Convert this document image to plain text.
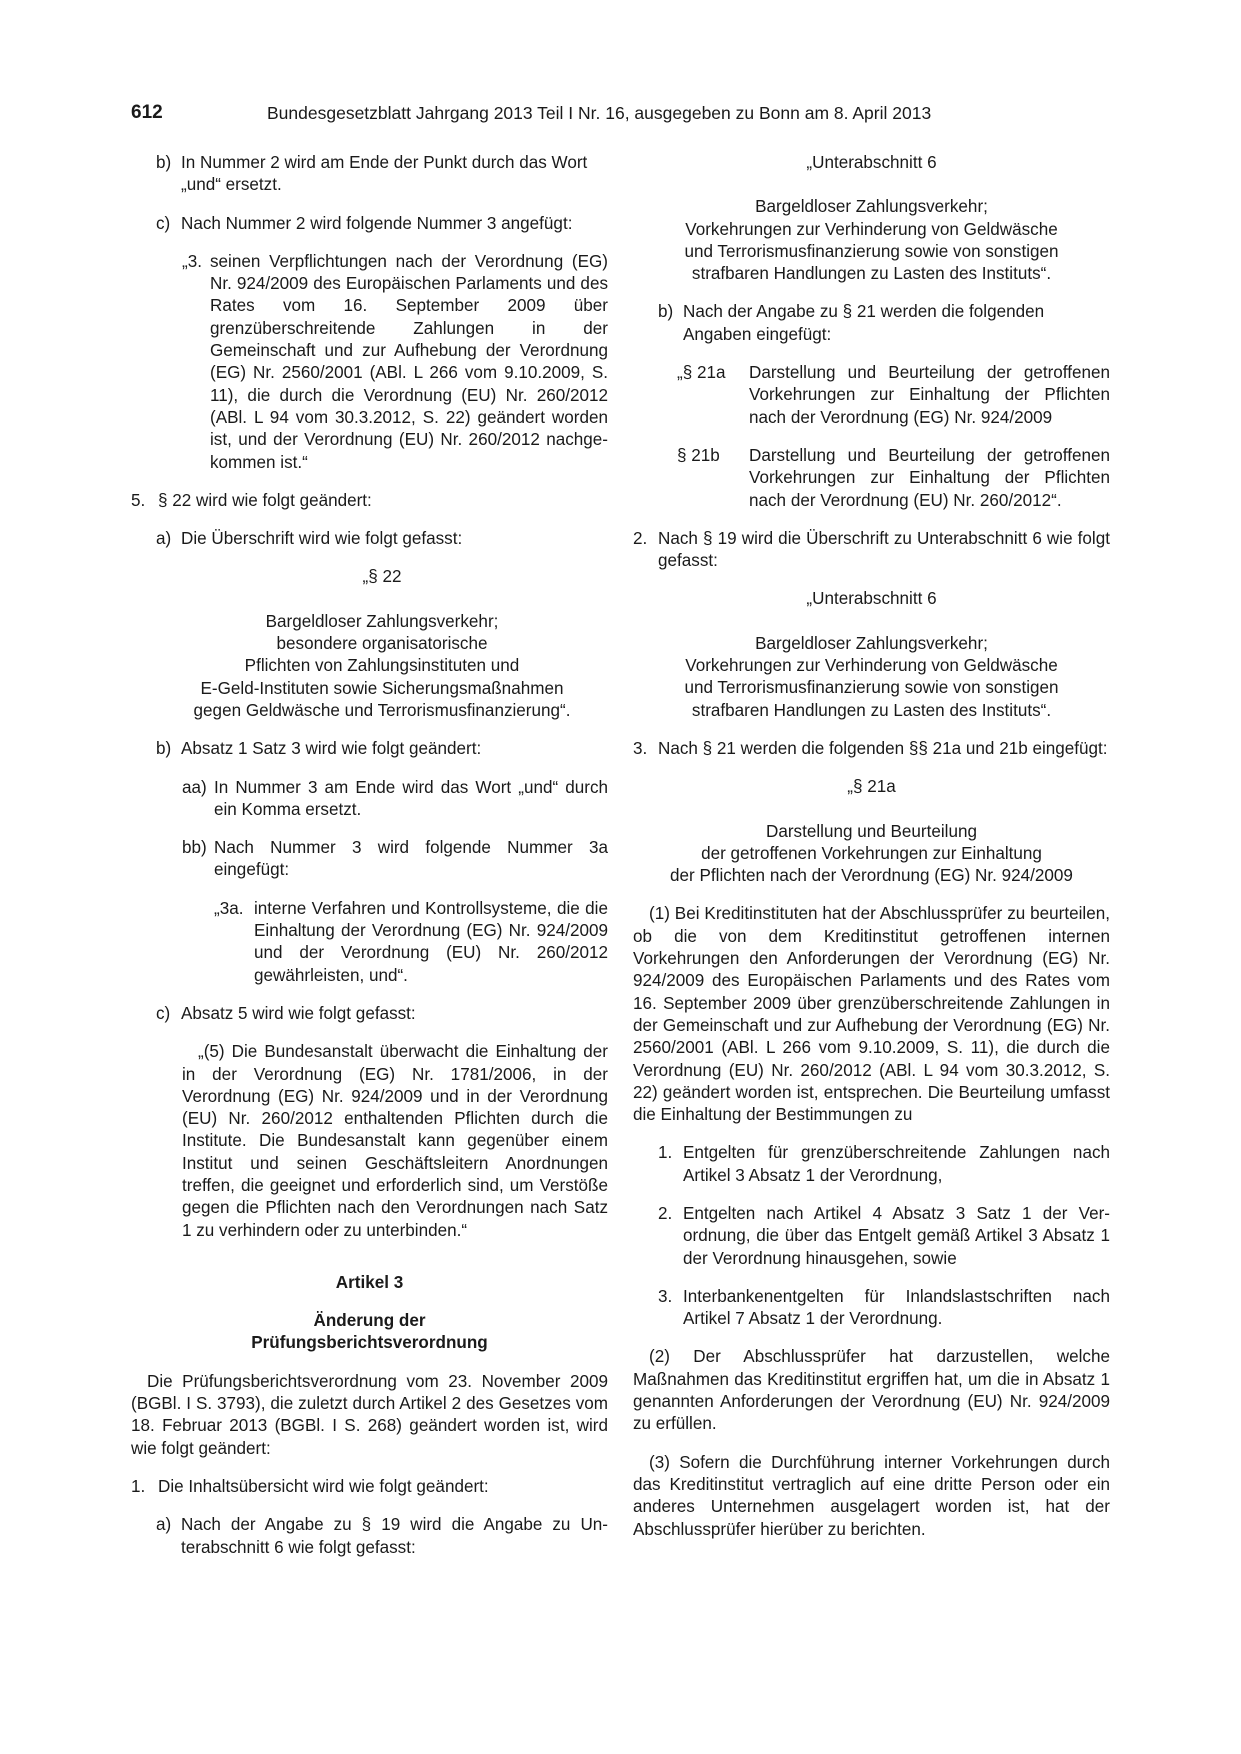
612	Bundesgesetzblatt Jahrgang 2013 Teil I Nr. 16, ausgegeben zu Bonn am 8. April 2013
b) In Nummer 2 wird am Ende der Punkt durch das Wort „und“ ersetzt.
c) Nach Nummer 2 wird folgende Nummer 3 angefügt:
„3. seinen Verpflichtungen nach der Verordnung (EG) Nr. 924/2009 des Europäischen Parlaments und des Rates vom 16. September 2009 über grenzüberschreitende Zahlungen in der Gemeinschaft und zur Aufhebung der Verordnung (EG) Nr. 2560/2001 (ABl. L 266 vom 9.10.2009, S. 11), die durch die Verordnung (EU) Nr. 260/2012 (ABl. L 94 vom 30.3.2012, S. 22) geändert worden ist, und der Verordnung (EU) Nr. 260/2012 nachgekommen ist.“
5. § 22 wird wie folgt geändert:
a) Die Überschrift wird wie folgt gefasst:
„§ 22
Bargeldloser Zahlungsverkehr;
besondere organisatorische
Pflichten von Zahlungsinstituten und
E-Geld-Instituten sowie Sicherungsmaßnahmen
gegen Geldwäsche und Terrorismusfinanzierung“.
b) Absatz 1 Satz 3 wird wie folgt geändert:
aa) In Nummer 3 am Ende wird das Wort „und“ durch ein Komma ersetzt.
bb) Nach Nummer 3 wird folgende Nummer 3a eingefügt:
„3a. interne Verfahren und Kontrollsysteme, die die Einhaltung der Verordnung (EG) Nr. 924/2009 und der Verordnung (EU) Nr. 260/2012 gewährleisten, und“.
c) Absatz 5 wird wie folgt gefasst:
„(5) Die Bundesanstalt überwacht die Einhaltung der in der Verordnung (EG) Nr. 1781/2006, in der Verordnung (EG) Nr. 924/2009 und in der Verordnung (EU) Nr. 260/2012 enthaltenden Pflichten durch die Institute. Die Bundesanstalt kann gegenüber einem Institut und seinen Geschäftsleitern Anordnungen treffen, die geeignet und erforderlich sind, um Verstöße gegen die Pflichten nach den Verordnungen nach Satz 1 zu verhindern oder zu unterbinden.“
Artikel 3
Änderung der
Prüfungsberichtsverordnung
Die Prüfungsberichtsverordnung vom 23. November 2009 (BGBl. I S. 3793), die zuletzt durch Artikel 2 des Gesetzes vom 18. Februar 2013 (BGBl. I S. 268) geändert worden ist, wird wie folgt geändert:
1. Die Inhaltsübersicht wird wie folgt geändert:
a) Nach der Angabe zu § 19 wird die Angabe zu Unterabschnitt 6 wie folgt gefasst:
„Unterabschnitt 6
Bargeldloser Zahlungsverkehr;
Vorkehrungen zur Verhinderung von Geldwäsche
und Terrorismusfinanzierung sowie von sonstigen
strafbaren Handlungen zu Lasten des Instituts“.
b) Nach der Angabe zu § 21 werden die folgenden Angaben eingefügt:
„§ 21a	Darstellung und Beurteilung der getroffenen Vorkehrungen zur Einhaltung der Pflichten nach der Verordnung (EG) Nr. 924/2009
§ 21b	Darstellung und Beurteilung der getroffenen Vorkehrungen zur Einhaltung der Pflichten nach der Verordnung (EU) Nr. 260/2012“.
2. Nach § 19 wird die Überschrift zu Unterabschnitt 6 wie folgt gefasst:
„Unterabschnitt 6
Bargeldloser Zahlungsverkehr;
Vorkehrungen zur Verhinderung von Geldwäsche
und Terrorismusfinanzierung sowie von sonstigen
strafbaren Handlungen zu Lasten des Instituts“.
3. Nach § 21 werden die folgenden §§ 21a und 21b eingefügt:
„§ 21a
Darstellung und Beurteilung
der getroffenen Vorkehrungen zur Einhaltung
der Pflichten nach der Verordnung (EG) Nr. 924/2009
(1) Bei Kreditinstituten hat der Abschlussprüfer zu beurteilen, ob die von dem Kreditinstitut getroffenen internen Vorkehrungen den Anforderungen der Verordnung (EG) Nr. 924/2009 des Europäischen Parlaments und des Rates vom 16. September 2009 über grenzüberschreitende Zahlungen in der Gemeinschaft und zur Aufhebung der Verordnung (EG) Nr. 2560/2001 (ABl. L 266 vom 9.10.2009, S. 11), die durch die Verordnung (EU) Nr. 260/2012 (ABl. L 94 vom 30.3.2012, S. 22) geändert worden ist, entsprechen. Die Beurteilung umfasst die Einhaltung der Bestimmungen zu
1. Entgelten für grenzüberschreitende Zahlungen nach Artikel 3 Absatz 1 der Verordnung,
2. Entgelten nach Artikel 4 Absatz 3 Satz 1 der Verordnung, die über das Entgelt gemäß Artikel 3 Absatz 1 der Verordnung hinausgehen, sowie
3. Interbankenentgelten für Inlandslastschriften nach Artikel 7 Absatz 1 der Verordnung.
(2) Der Abschlussprüfer hat darzustellen, welche Maßnahmen das Kreditinstitut ergriffen hat, um die in Absatz 1 genannten Anforderungen der Verordnung (EU) Nr. 924/2009 zu erfüllen.
(3) Sofern die Durchführung interner Vorkehrungen durch das Kreditinstitut vertraglich auf eine dritte Person oder ein anderes Unternehmen ausgelagert worden ist, hat der Abschlussprüfer hierüber zu berichten.
